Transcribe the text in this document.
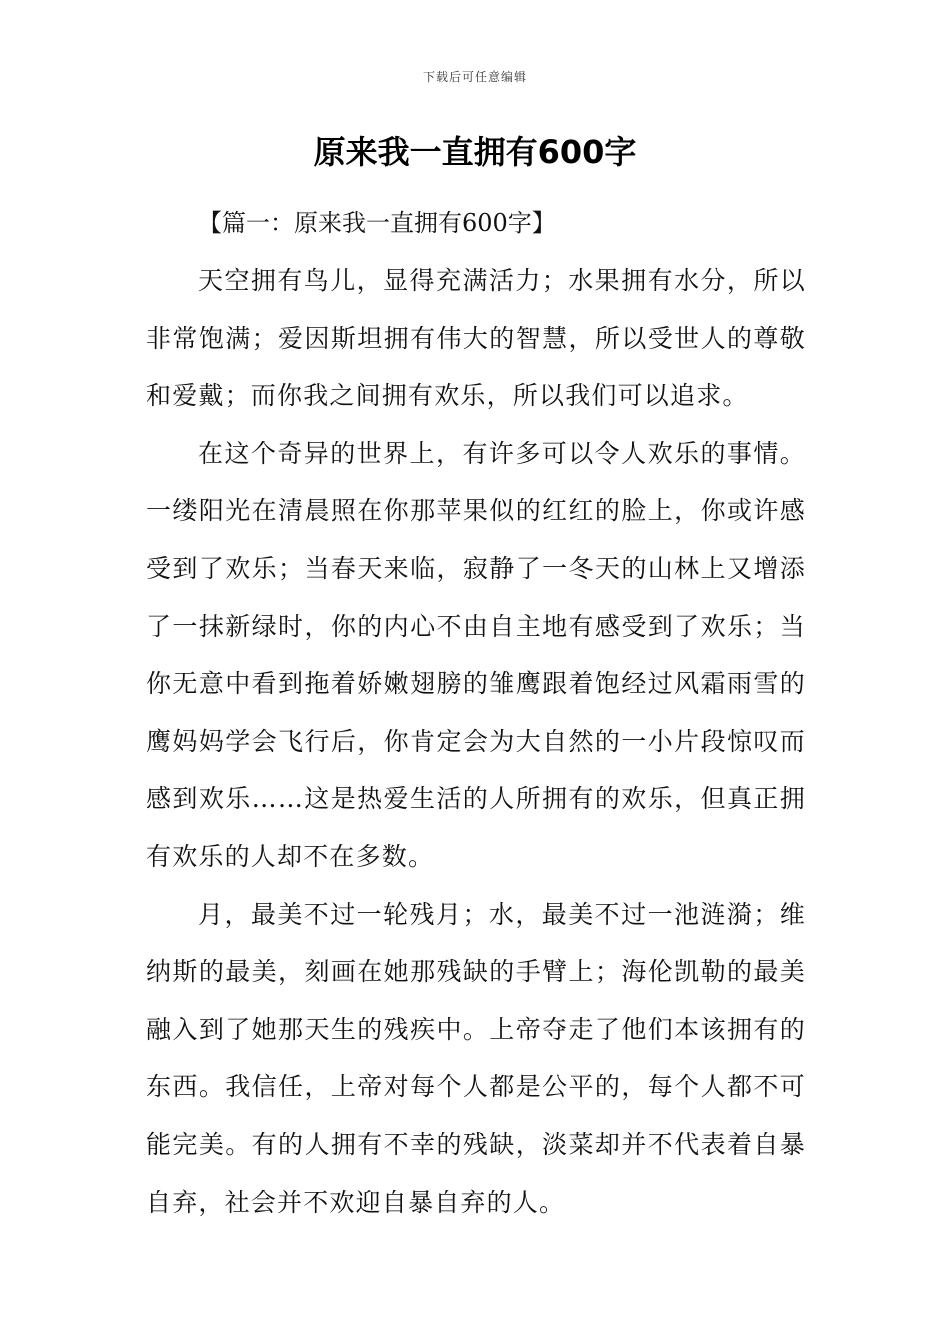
下载后可任意编辑
原来我一直拥有600字

【篇一：原来我一直拥有600字】

天空拥有鸟儿，显得充满活力；水果拥有水分，所以非常饱满；爱因斯坦拥有伟大的智慧，所以受世人的尊敬和爱戴；而你我之间拥有欢乐，所以我们可以追求。

在这个奇异的世界上，有许多可以令人欢乐的事情。一缕阳光在清晨照在你那苹果似的红红的脸上，你或许感受到了欢乐；当春天来临，寂静了一冬天的山林上又增添了一抹新绿时，你的内心不由自主地有感受到了欢乐；当你无意中看到拖着娇嫩翅膀的雏鹰跟着饱经过风霜雨雪的鹰妈妈学会飞行后，你肯定会为大自然的一小片段惊叹而感到欢乐……这是热爱生活的人所拥有的欢乐，但真正拥有欢乐的人却不在多数。

月，最美不过一轮残月；水，最美不过一池涟漪；维纳斯的最美，刻画在她那残缺的手臂上；海伦凯勒的最美融入到了她那天生的残疾中。上帝夺走了他们本该拥有的东西。我信任，上帝对每个人都是公平的，每个人都不可能完美。有的人拥有不幸的残缺，淡菜却并不代表着自暴自弃，社会并不欢迎自暴自弃的人。
